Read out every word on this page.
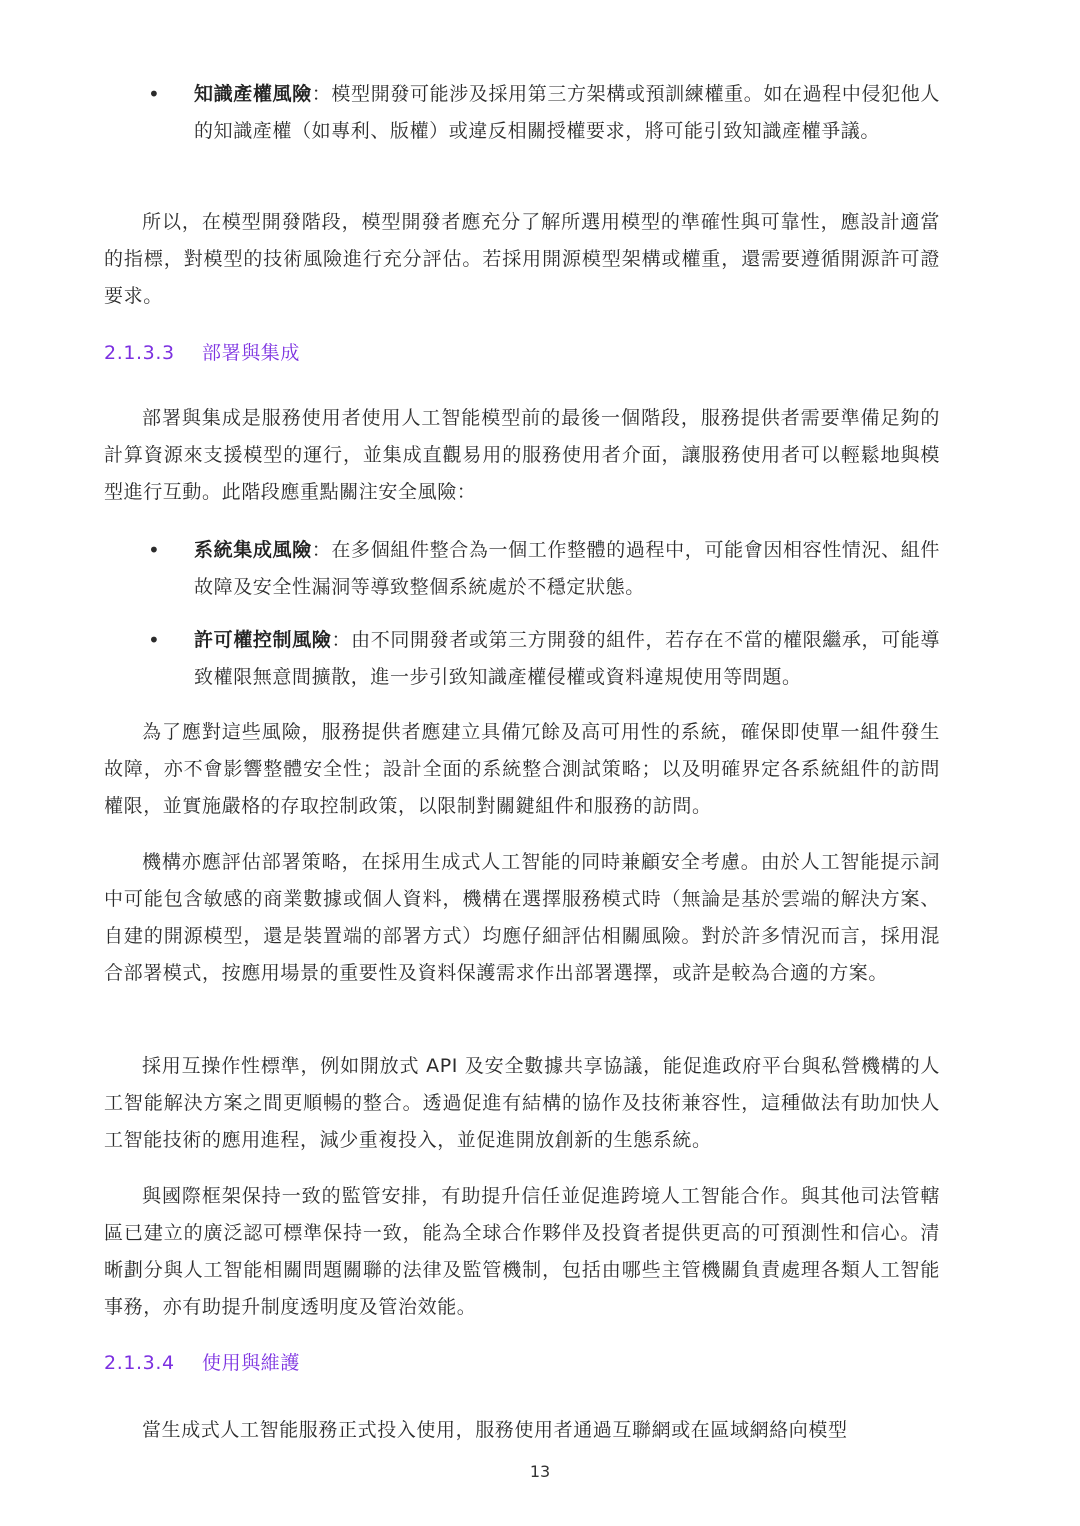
• 知識產權風險：模型開發可能涉及採用第三方架構或預訓練權重。如在過程中侵犯他人的知識產權（如專利、版權）或違反相關授權要求，將可能引致知識產權爭議。
所以，在模型開發階段，模型開發者應充分了解所選用模型的準確性與可靠性，應設計適當的指標，對模型的技術風險進行充分評估。若採用開源模型架構或權重，還需要遵循開源許可證要求。
2.1.3.3 部署與集成
部署與集成是服務使用者使用人工智能模型前的最後一個階段，服務提供者需要準備足夠的計算資源來支援模型的運行，並集成直觀易用的服務使用者介面，讓服務使用者可以輕鬆地與模型進行互動。此階段應重點關注安全風險：
• 系統集成風險：在多個組件整合為一個工作整體的過程中，可能會因相容性情況、組件故障及安全性漏洞等導致整個系統處於不穩定狀態。
• 許可權控制風險：由不同開發者或第三方開發的組件，若存在不當的權限繼承，可能導致權限無意間擴散，進一步引致知識產權侵權或資料違規使用等問題。
為了應對這些風險，服務提供者應建立具備冗餘及高可用性的系統，確保即使單一組件發生故障，亦不會影響整體安全性；設計全面的系統整合測試策略；以及明確界定各系統組件的訪問權限，並實施嚴格的存取控制政策，以限制對關鍵組件和服務的訪問。
機構亦應評估部署策略，在採用生成式人工智能的同時兼顧安全考慮。由於人工智能提示詞中可能包含敏感的商業數據或個人資料，機構在選擇服務模式時（無論是基於雲端的解決方案、自建的開源模型，還是裝置端的部署方式）均應仔細評估相關風險。對於許多情況而言，採用混合部署模式，按應用場景的重要性及資料保護需求作出部署選擇，或許是較為合適的方案。
採用互操作性標準，例如開放式 API 及安全數據共享協議，能促進政府平台與私營機構的人工智能解決方案之間更順暢的整合。透過促進有結構的協作及技術兼容性，這種做法有助加快人工智能技術的應用進程，減少重複投入，並促進開放創新的生態系統。
與國際框架保持一致的監管安排，有助提升信任並促進跨境人工智能合作。與其他司法管轄區已建立的廣泛認可標準保持一致，能為全球合作夥伴及投資者提供更高的可預測性和信心。清晰劃分與人工智能相關問題關聯的法律及監管機制，包括由哪些主管機關負責處理各類人工智能事務，亦有助提升制度透明度及管治效能。
2.1.3.4 使用與維護
當生成式人工智能服務正式投入使用，服務使用者通過互聯網或在區域網絡向模型
13
